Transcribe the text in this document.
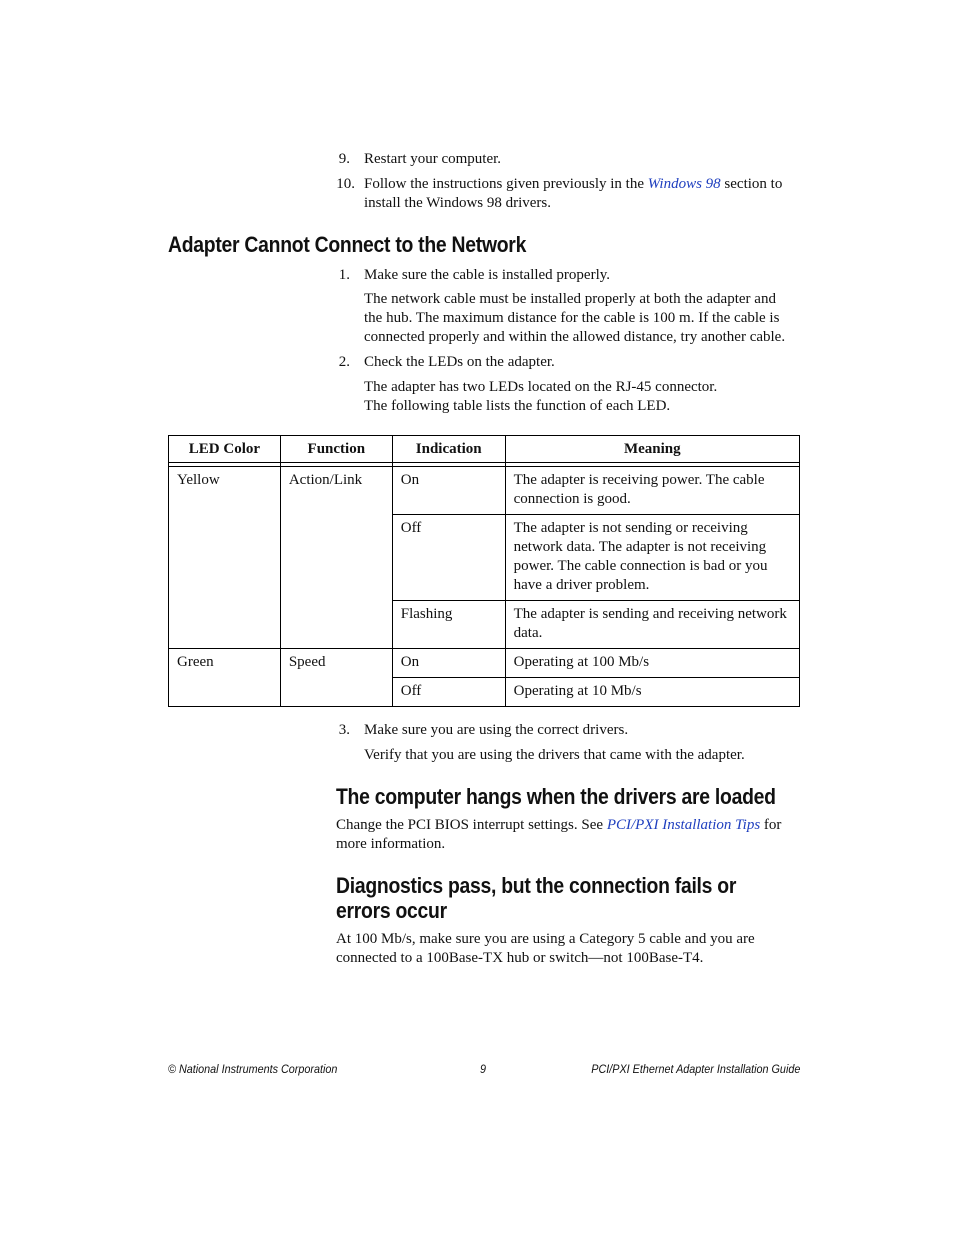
9. Restart your computer.
10. Follow the instructions given previously in the Windows 98 section to
install the Windows 98 drivers.
Adapter Cannot Connect to the Network
1. Make sure the cable is installed properly.
The network cable must be installed properly at both the adapter and
the hub. The maximum distance for the cable is 100 m. If the cable is
connected properly and within the allowed distance, try another cable.
2. Check the LEDs on the adapter.
The adapter has two LEDs located on the RJ-45 connector.
The following table lists the function of each LED.
LED Color	Function	Indication	Meaning

Yellow	Action/Link	On	The adapter is receiving power. The cable connection is good.
		Off	The adapter is not sending or receiving network data. The adapter is not receiving power. The cable connection is bad or you have a driver problem.
		Flashing	The adapter is sending and receiving network data.
Green	Speed	On	Operating at 100 Mb/s
		Off	Operating at 10 Mb/s
3. Make sure you are using the correct drivers.
Verify that you are using the drivers that came with the adapter.
The computer hangs when the drivers are loaded
Change the PCI BIOS interrupt settings. See PCI/PXI Installation Tips for
more information.
Diagnostics pass, but the connection fails or
errors occur
At 100 Mb/s, make sure you are using a Category 5 cable and you are
connected to a 100Base-TX hub or switch—not 100Base-T4.
© National Instruments Corporation	9	PCI/PXI Ethernet Adapter Installation Guide
